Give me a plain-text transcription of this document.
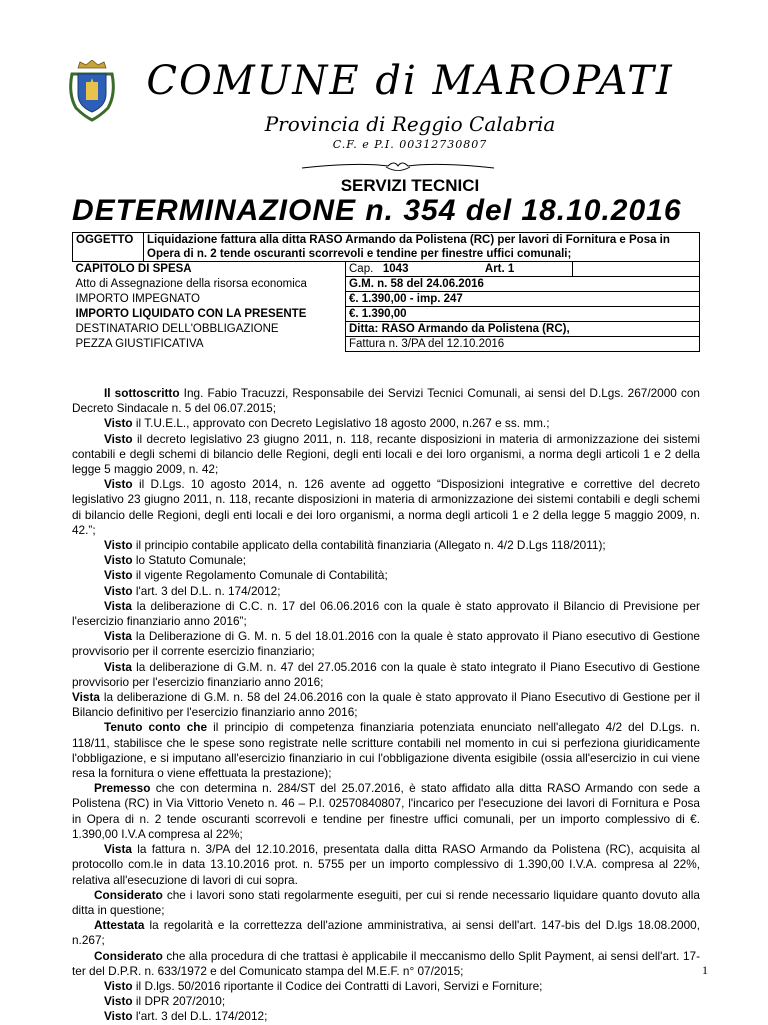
COMUNE di MAROPATI
Provincia di Reggio Calabria
C.F. e P.I. 00312730807
SERVIZI TECNICI
DETERMINAZIONE n. 354 del 18.10.2016
OGGETTO	Liquidazione fattura alla ditta RASO Armando da Polistena (RC) per lavori di Fornitura e Posa in Opera di n. 2 tende oscuranti scorrevoli e tendine per finestre uffici comunali;		
CAPITOLO DI SPESA		Cap. 1043 Art. 1	
Atto di Assegnazione della risorsa economica		G.M. n. 58 del 24.06.2016	
IMPORTO IMPEGNATO		€. 1.390,00 - imp. 247	
IMPORTO LIQUIDATO CON LA PRESENTE		€. 1.390,00	
DESTINATARIO DELL'OBBLIGAZIONE		Ditta: RASO Armando da Polistena (RC),	
PEZZA GIUSTIFICATIVA		Fattura n. 3/PA del 12.10.2016	

Il sottoscritto Ing. Fabio Tracuzzi, Responsabile dei Servizi Tecnici Comunali, ai sensi del D.Lgs. 267/2000 con Decreto Sindacale n. 5 del 06.07.2015;

Visto il T.U.E.L., approvato con Decreto Legislativo 18 agosto 2000, n.267 e ss. mm.;

Visto il decreto legislativo 23 giugno 2011, n. 118, recante disposizioni in materia di armonizzazione dei sistemi contabili e degli schemi di bilancio delle Regioni, degli enti locali e dei loro organismi, a norma degli articoli 1 e 2 della legge 5 maggio 2009, n. 42;

Visto il D.Lgs. 10 agosto 2014, n. 126 avente ad oggetto “Disposizioni integrative e correttive del decreto legislativo 23 giugno 2011, n. 118, recante disposizioni in materia di armonizzazione dei sistemi contabili e degli schemi di bilancio delle Regioni, degli enti locali e dei loro organismi, a norma degli articoli 1 e 2 della legge 5 maggio 2009, n. 42.”;

Visto il principio contabile applicato della contabilità finanziaria (Allegato n. 4/2 D.Lgs 118/2011);

Visto lo Statuto Comunale;

Visto il vigente Regolamento Comunale di Contabilità;

Visto l'art. 3 del D.L. n. 174/2012;

Vista la deliberazione di C.C. n. 17 del 06.06.2016 con la quale è stato approvato il Bilancio di Previsione per l'esercizio finanziario anno 2016”;

Vista la Deliberazione di G. M. n. 5 del 18.01.2016 con la quale è stato approvato il Piano esecutivo di Gestione provvisorio per il corrente esercizio finanziario;

Vista la deliberazione di G.M. n. 47 del 27.05.2016 con la quale è stato integrato il Piano Esecutivo di Gestione provvisorio per l'esercizio finanziario anno 2016;

Vista la deliberazione di G.M. n. 58 del 24.06.2016 con la quale è stato approvato il Piano Esecutivo di Gestione per il Bilancio definitivo per l'esercizio finanziario anno 2016;

Tenuto conto che il principio di competenza finanziaria potenziata enunciato nell'allegato 4/2 del D.Lgs. n. 118/11, stabilisce che le spese sono registrate nelle scritture contabili nel momento in cui si perfeziona giuridicamente l'obbligazione, e si imputano all'esercizio finanziario in cui l'obbligazione diventa esigibile (ossia all'esercizio in cui viene resa la fornitura o viene effettuata la prestazione);

Premesso che con determina n. 284/ST del 25.07.2016, è stato affidato alla ditta RASO Armando con sede a Polistena (RC) in Via Vittorio Veneto n. 46 – P.I. 02570840807, l'incarico per l'esecuzione dei lavori di Fornitura e Posa in Opera di n. 2 tende oscuranti scorrevoli e tendine per finestre uffici comunali, per un importo complessivo di €. 1.390,00 I.V.A compresa al 22%;

Vista la fattura n. 3/PA del 12.10.2016, presentata dalla ditta RASO Armando da Polistena (RC), acquisita al protocollo com.le in data 13.10.2016 prot. n. 5755 per un importo complessivo di 1.390,00 I.V.A. compresa al 22%, relativa all'esecuzione di lavori di cui sopra.

Considerato che i lavori sono stati regolarmente eseguiti, per cui si rende necessario liquidare quanto dovuto alla ditta in questione;

Attestata la regolarità e la correttezza dell'azione amministrativa, ai sensi dell'art. 147-bis del D.lgs 18.08.2000, n.267;

Considerato che alla procedura di che trattasi è applicabile il meccanismo dello Split Payment, ai sensi dell'art. 17-ter del D.P.R. n. 633/1972 e del Comunicato stampa del M.E.F. n° 07/2015;

Visto il D.lgs. 50/2016 riportante il Codice dei Contratti di Lavori, Servizi e Forniture;

Visto il DPR 207/2010;

Visto l'art. 3 del D.L. 174/2012;

1
